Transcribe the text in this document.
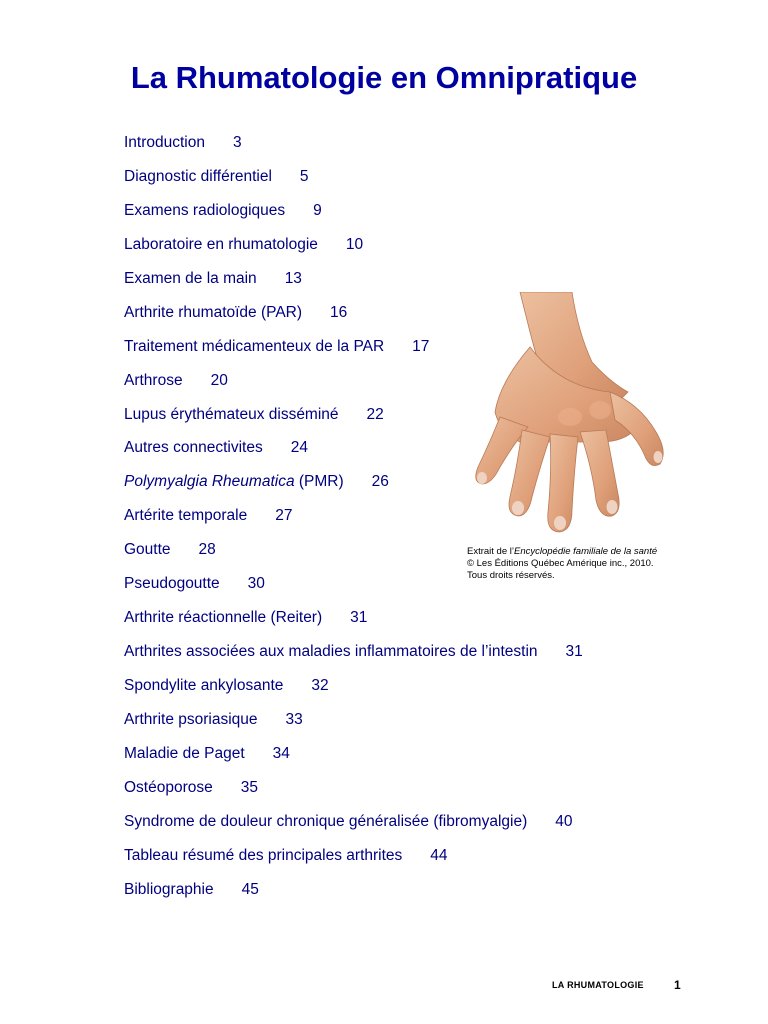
La Rhumatologie en Omnipratique
Introduction 3
Diagnostic différentiel 5
Examens radiologiques 9
Laboratoire en rhumatologie 10
Examen de la main 13
Arthrite rhumatoïde (PAR) 16
Traitement médicamenteux de la PAR 17
Arthrose 20
Lupus érythémateux disséminé 22
Autres connectivites 24
Polymyalgia Rheumatica (PMR) 26
Artérite temporale 27
Goutte 28
Pseudogoutte 30
Arthrite réactionnelle (Reiter) 31
Arthrites associées aux maladies inflammatoires de l’intestin 31
Spondylite ankylosante 32
Arthrite psoriasique 33
Maladie de Paget 34
Ostéoporose 35
Syndrome de douleur chronique généralisée (fibromyalgie) 40
Tableau résumé des principales arthrites 44
Bibliographie 45
Extrait de l’Encyclopédie familiale de la santé
© Les Éditions Québec Amérique inc., 2010.
Tous droits réservés.
LA RHUMATOLOGIE	1
